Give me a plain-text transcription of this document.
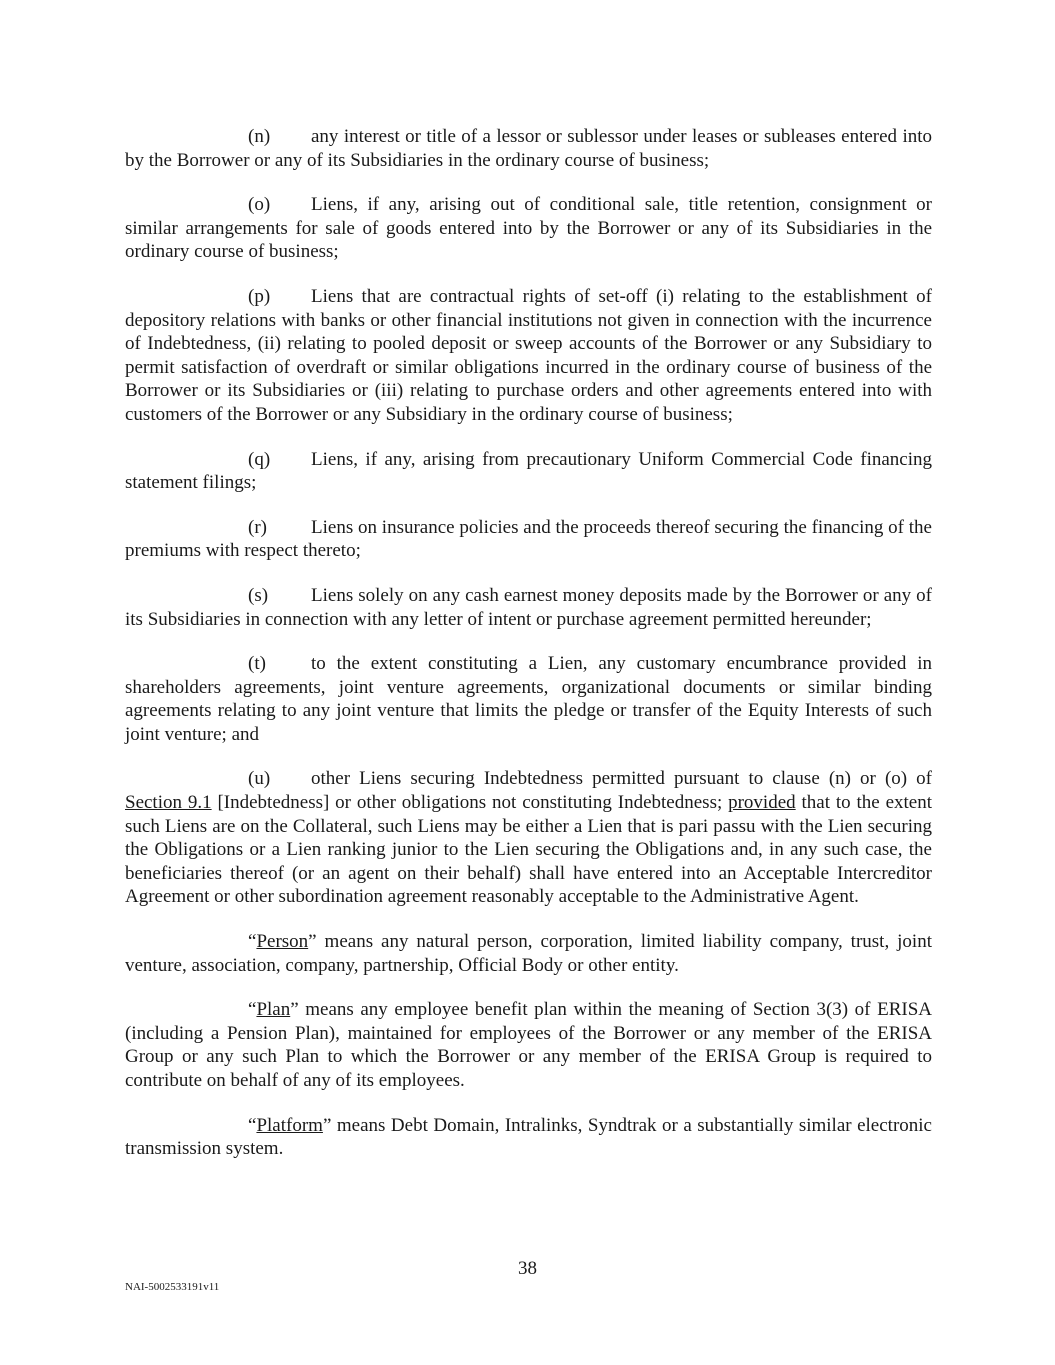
(n) any interest or title of a lessor or sublessor under leases or subleases entered into by the Borrower or any of its Subsidiaries in the ordinary course of business;

(o) Liens, if any, arising out of conditional sale, title retention, consignment or similar arrangements for sale of goods entered into by the Borrower or any of its Subsidiaries in the ordinary course of business;

(p) Liens that are contractual rights of set-off (i) relating to the establishment of depository relations with banks or other financial institutions not given in connection with the incurrence of Indebtedness, (ii) relating to pooled deposit or sweep accounts of the Borrower or any Subsidiary to permit satisfaction of overdraft or similar obligations incurred in the ordinary course of business of the Borrower or its Subsidiaries or (iii) relating to purchase orders and other agreements entered into with customers of the Borrower or any Subsidiary in the ordinary course of business;

(q) Liens, if any, arising from precautionary Uniform Commercial Code financing statement filings;

(r) Liens on insurance policies and the proceeds thereof securing the financing of the premiums with respect thereto;

(s) Liens solely on any cash earnest money deposits made by the Borrower or any of its Subsidiaries in connection with any letter of intent or purchase agreement permitted hereunder;

(t) to the extent constituting a Lien, any customary encumbrance provided in shareholders agreements, joint venture agreements, organizational documents or similar binding agreements relating to any joint venture that limits the pledge or transfer of the Equity Interests of such joint venture; and

(u) other Liens securing Indebtedness permitted pursuant to clause (n) or (o) of Section 9.1 [Indebtedness] or other obligations not constituting Indebtedness; provided that to the extent such Liens are on the Collateral, such Liens may be either a Lien that is pari passu with the Lien securing the Obligations or a Lien ranking junior to the Lien securing the Obligations and, in any such case, the beneficiaries thereof (or an agent on their behalf) shall have entered into an Acceptable Intercreditor Agreement or other subordination agreement reasonably acceptable to the Administrative Agent.

“Person” means any natural person, corporation, limited liability company, trust, joint venture, association, company, partnership, Official Body or other entity.

“Plan” means any employee benefit plan within the meaning of Section 3(3) of ERISA (including a Pension Plan), maintained for employees of the Borrower or any member of the ERISA Group or any such Plan to which the Borrower or any member of the ERISA Group is required to contribute on behalf of any of its employees.

“Platform” means Debt Domain, Intralinks, Syndtrak or a substantially similar electronic transmission system.

38
NAI-5002533191v11
